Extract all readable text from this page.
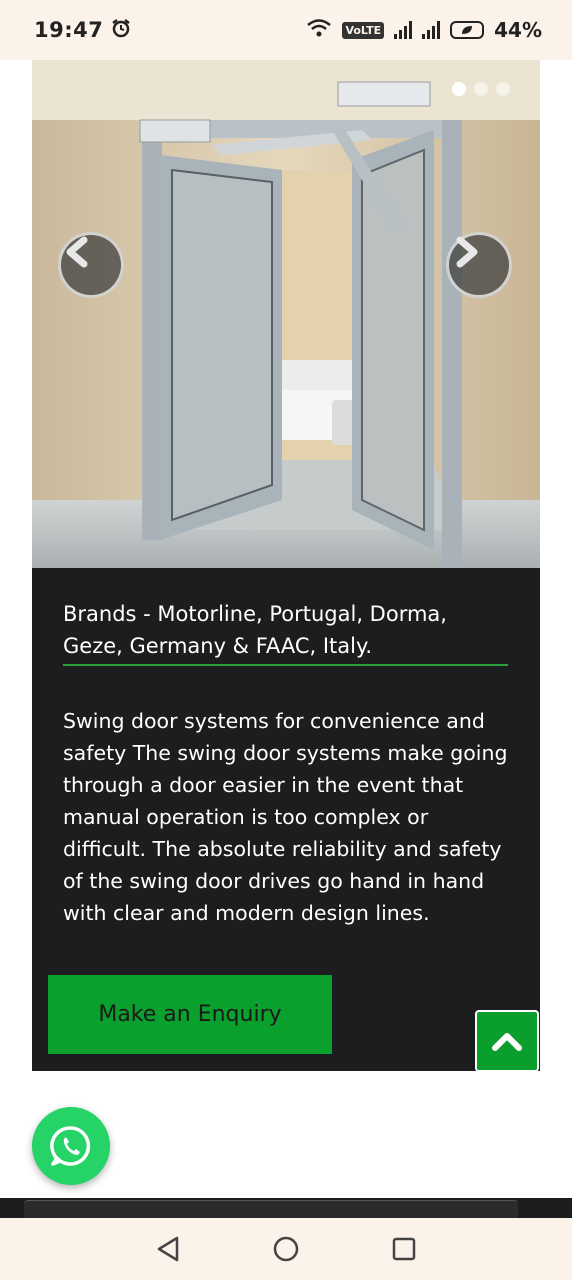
19:47	VoLTE	44%

Brands - Motorline, Portugal, Dorma, Geze, Germany & FAAC, Italy.

Swing door systems for convenience and safety The swing door systems make going through a door easier in the event that manual operation is too complex or difficult. The absolute reliability and safety of the swing door drives go hand in hand with clear and modern design lines.

Make an Enquiry
